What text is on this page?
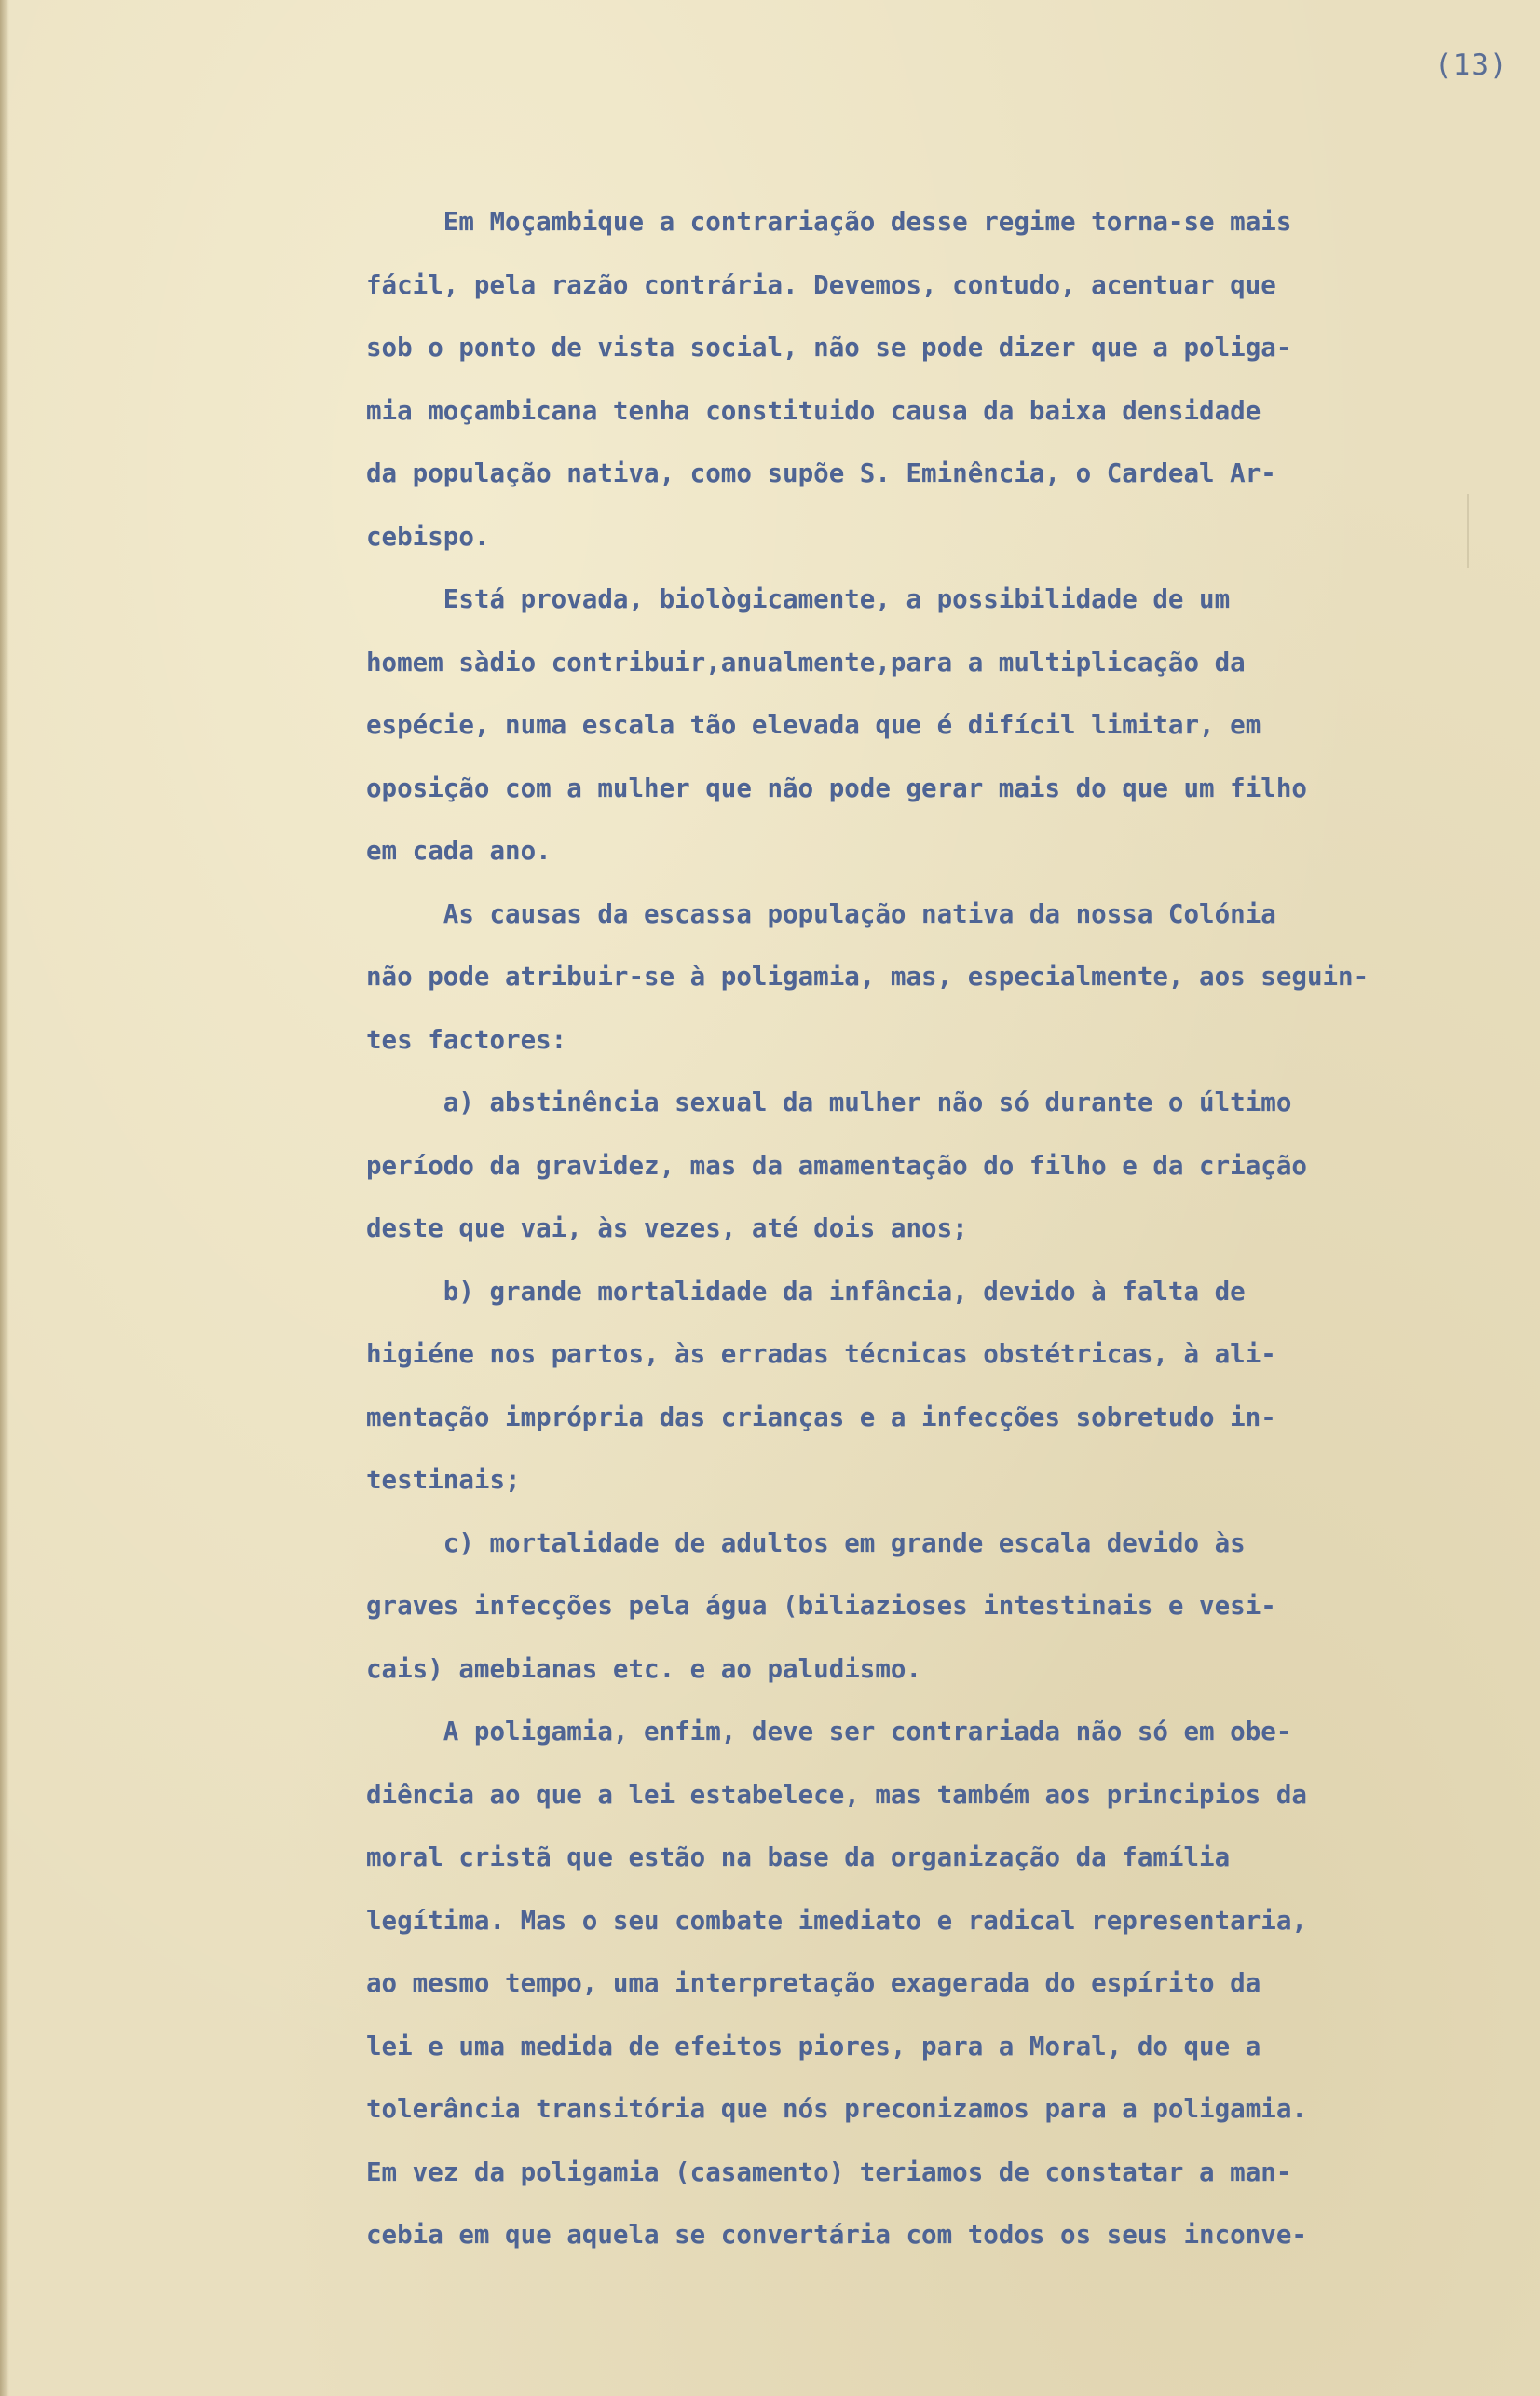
(13)
Em Moçambique a contrariação desse regime torna-se mais
fácil, pela razão contrária. Devemos, contudo, acentuar que
sob o ponto de vista social, não se pode dizer que a poliga-
mia moçambicana tenha constituido causa da baixa densidade
da população nativa, como supõe S. Eminência, o Cardeal Ar-
cebispo.
Está provada, biològicamente, a possibilidade de um
homem sàdio contribuir,anualmente,para a multiplicação da
espécie, numa escala tão elevada que é difícil limitar, em
oposição com a mulher que não pode gerar mais do que um filho
em cada ano.
As causas da escassa população nativa da nossa Colónia
não pode atribuir-se à poligamia, mas, especialmente, aos seguin-
tes factores:
a) abstinência sexual da mulher não só durante o último
período da gravidez, mas da amamentação do filho e da criação
deste que vai, às vezes, até dois anos;
b) grande mortalidade da infância, devido à falta de
higiéne nos partos, às erradas técnicas obstétricas, à ali-
mentação imprópria das crianças e a infecções sobretudo in-
testinais;
c) mortalidade de adultos em grande escala devido às
graves infecções pela água (biliazioses intestinais e vesi-
cais) amebianas etc. e ao paludismo.
A poligamia, enfim, deve ser contrariada não só em obe-
diência ao que a lei estabelece, mas também aos principios da
moral cristã que estão na base da organização da família
legítima. Mas o seu combate imediato e radical representaria,
ao mesmo tempo, uma interpretação exagerada do espírito da
lei e uma medida de efeitos piores, para a Moral, do que a
tolerância transitória que nós preconizamos para a poligamia.
Em vez da poligamia (casamento) teriamos de constatar a man-
cebia em que aquela se convertária com todos os seus inconve-
